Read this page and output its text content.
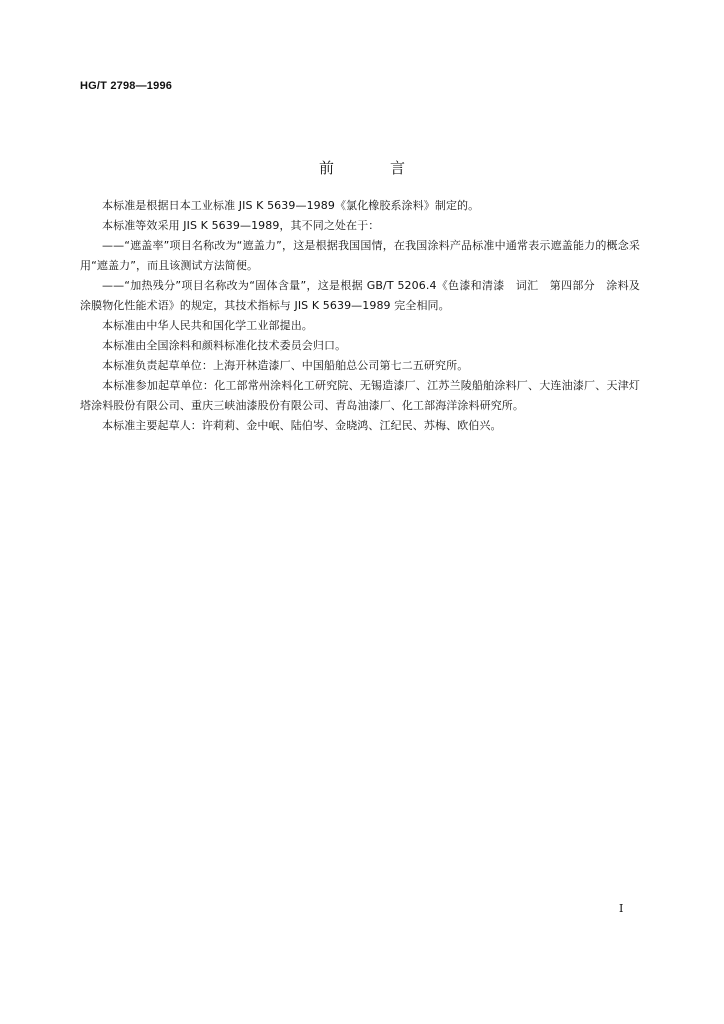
HG/T 2798—1996
前	言

本标准是根据日本工业标准 JIS K 5639—1989《氯化橡胶系涂料》制定的。

本标准等效采用 JIS K 5639—1989，其不同之处在于：

——“遮盖率”项目名称改为“遮盖力”，这是根据我国国情，在我国涂料产品标准中通常表示遮盖能力的概念采用“遮盖力”，而且该测试方法简便。

——“加热残分”项目名称改为“固体含量”，这是根据 GB/T 5206.4《色漆和清漆　词汇　第四部分　涂料及涂膜物化性能术语》的规定，其技术指标与 JIS K 5639—1989 完全相同。

本标准由中华人民共和国化学工业部提出。

本标准由全国涂料和颜料标准化技术委员会归口。

本标准负责起草单位：上海开林造漆厂、中国船舶总公司第七二五研究所。

本标准参加起草单位：化工部常州涂料化工研究院、无锡造漆厂、江苏兰陵船舶涂料厂、大连油漆厂、天津灯塔涂料股份有限公司、重庆三峡油漆股份有限公司、青岛油漆厂、化工部海洋涂料研究所。

本标准主要起草人：许莉莉、金中岷、陆伯岑、金晓鸿、江纪民、苏梅、欧伯兴。

I
